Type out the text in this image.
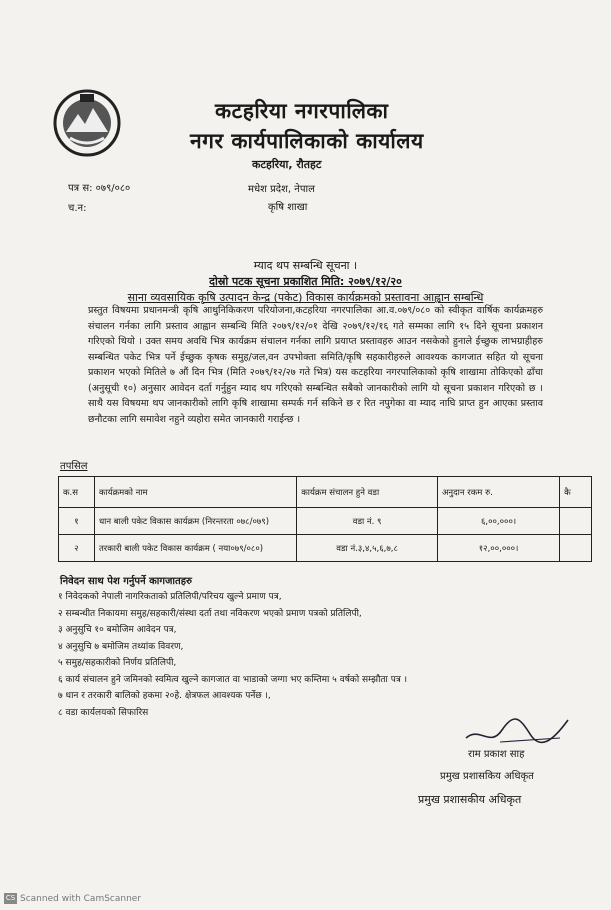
कटहरिया नगरपालिका
नगर कार्यपालिकाको कार्यालय
कटहरिया, रौतहट
मधेश प्रदेश, नेपाल
कृषि शाखा
पत्र स: ०७९/०८०
च.न:
म्याद थप सम्बन्धि सूचना ।
दोस्रो पटक सूचना प्रकाशित मिति: २०७९/१२/२०
साना व्यवसायिक कृषि उत्पादन केन्द्र (पकेट) विकास कार्यक्रमको प्रस्तावना आह्वान सम्बन्धि
प्रस्तुत विषयमा प्रधानमन्त्री कृषि आधुनिकिकरण परियोजना,कटहरिया नगरपालिका आ.व.०७९/०८० को स्वीकृत वार्षिक कार्यक्रमहरु संचालन गर्नका लागि प्रस्ताव आह्वान सम्बन्धि मिति २०७९/१२/०१ देखि २०७९/१२/१६ गते सम्मका लागि १५ दिने सूचना प्रकाशन गरिएको थियो । उक्त समय अवधि भित्र कार्यक्रम संचालन गर्नका लागि प्रयाप्त प्रस्तावहरु आउन नसकेको हुनाले ईच्छुक लाभग्राहीहरु सम्बन्धित पकेट भित्र पर्ने ईच्छुक कृषक समुह/जल,वन उपभोक्ता समिति/कृषि सहकारीहरुले आवश्यक कागजात सहित यो सूचना प्रकाशन भएको मितिले ७ औं दिन भित्र (मिति २०७९/१२/२७ गते भित्र) यस कटहरिया नगरपालिकाको कृषि शाखामा तोकिएको ढाँचा (अनुसूची १०) अनुसार आवेदन दर्ता गर्नुहुन म्याद थप गरिएको सम्बन्धित सबैको जानकारीको लागि यो सूचना प्रकाशन गरिएको छ । साथै यस विषयमा थप जानकारीको लागि कृषि शाखामा सम्पर्क गर्न सकिने छ र रित नपुगेका वा म्याद नाघि प्राप्त हुन आएका प्रस्ताव छनौटका लागि समावेश नहुने व्यहोरा समेत जानकारी गराईन्छ ।
तपसिल
क.स	कार्यक्रमको नाम	कार्यक्रम संचालन हुने वडा	अनुदान रकम रु.	कै
१	धान बाली पकेट विकास कार्यक्रम (निरन्तरता ०७८/०७९)	वडा नं. ९	६,००,०००।	
२	तरकारी बाली पकेट विकास कार्यक्रम ( नया०७९/०८०)	वडा नं.३,४,५,६,७,८	१२,००,०००।	
निवेदन साथ पेश गर्नुपर्ने कागजातहरु
१ निवेदकको नेपाली नागरिकताको प्रतिलिपी/परिचय खुल्ने प्रमाण पत्र,
२ सम्बन्धीत निकायमा समुह/सहकारी/संस्था दर्ता तथा नविकरण भएको प्रमाण पत्रको प्रतिलिपी,
३ अनुसुचि १० बमोजिम आवेदन पत्र,
४ अनुसुचि ७ बमोजिम तथ्यांक विवरण,
५ समुह/सहकारीको निर्णय प्रतिलिपी,
६ कार्य संचालन हुने जमिनको स्वमित्व खुल्ने कागजात वा भाडाको जग्गा भए कम्तिमा ५ वर्षको सम्झौता पत्र ।
७ धान र तरकारी बालिको हकमा २०हे. क्षेत्रफल आवश्यक पर्नेछ ।,
८ वडा कार्यलयको सिफारिस
राम प्रकाश साह
प्रमुख प्रशासकिय अधिकृत
प्रमुख प्रशासकीय अधिकृत
CS Scanned with CamScanner
